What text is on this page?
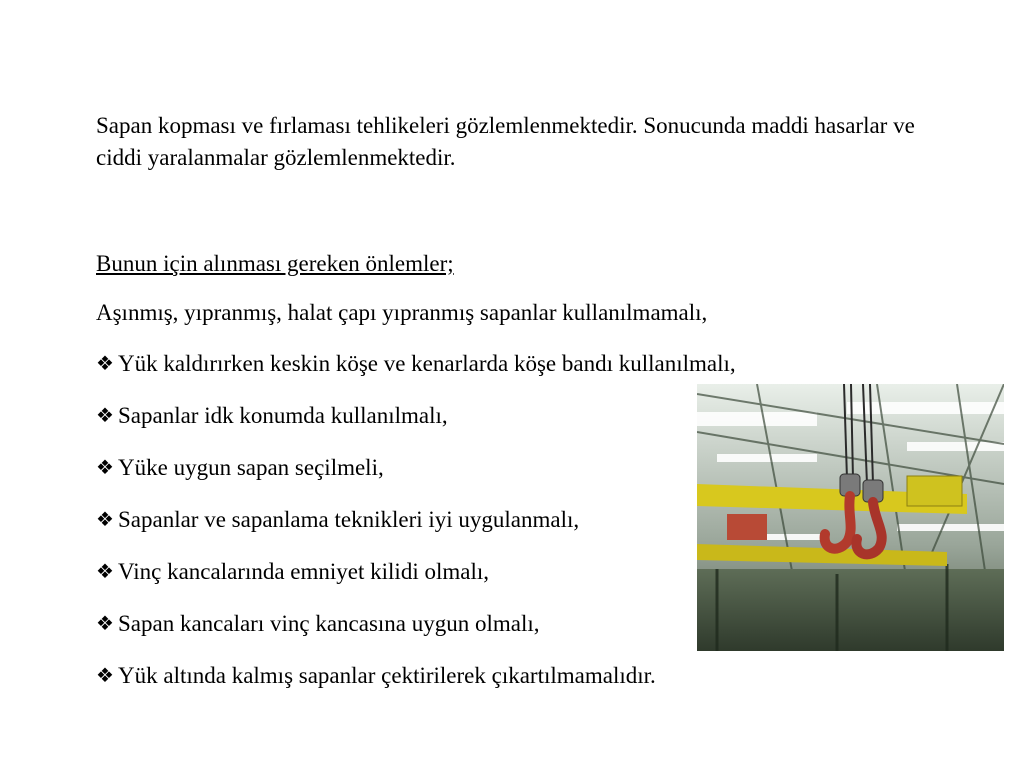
Sapan kopması ve fırlaması tehlikeleri gözlemlenmektedir. Sonucunda maddi hasarlar ve ciddi yaralanmalar gözlemlenmektedir.

Bunun için alınması gereken önlemler;

Aşınmış, yıpranmış, halat çapı yıpranmış sapanlar kullanılmamalı,

❖ Yük kaldırırken keskin köşe ve kenarlarda köşe bandı kullanılmalı,
❖ Sapanlar idk konumda kullanılmalı,
❖ Yüke uygun sapan seçilmeli,
❖ Sapanlar ve sapanlama teknikleri iyi uygulanmalı,
❖ Vinç kancalarında emniyet kilidi olmalı,
❖ Sapan kancaları vinç kancasına uygun olmalı,
❖ Yük altında kalmış sapanlar çektirilerek çıkartılmamalıdır.
